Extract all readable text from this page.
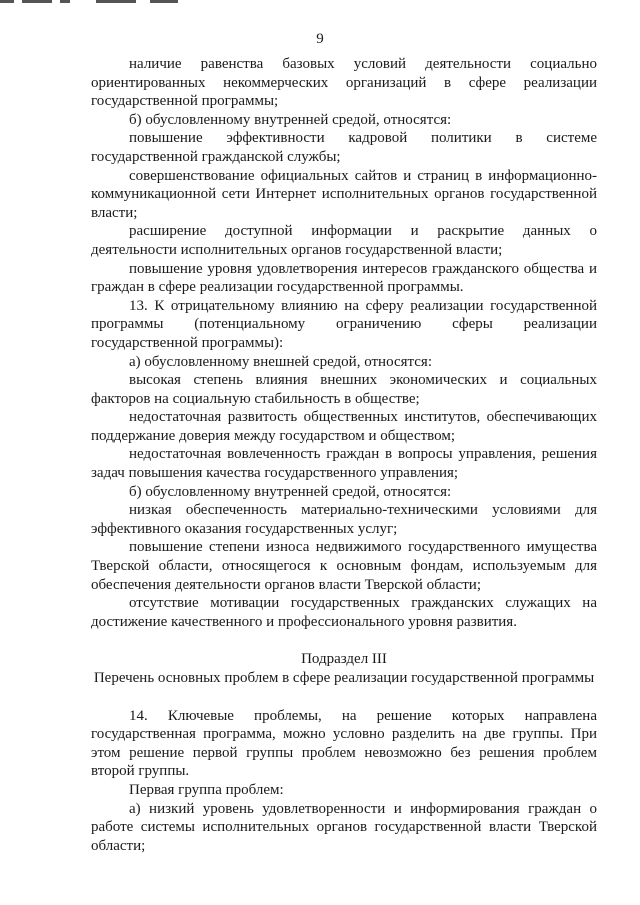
9

наличие равенства базовых условий деятельности социально ориентированных некоммерческих организаций в сфере реализации государственной программы;

б) обусловленному внутренней средой, относятся:

повышение эффективности кадровой политики в системе государственной гражданской службы;

совершенствование официальных сайтов и страниц в информационно-коммуникационной сети Интернет исполнительных органов государственной власти;

расширение доступной информации и раскрытие данных о деятельности исполнительных органов государственной власти;

повышение уровня удовлетворения интересов гражданского общества и граждан в сфере реализации государственной программы.

13. К отрицательному влиянию на сферу реализации государственной программы (потенциальному ограничению сферы реализации государственной программы):

а) обусловленному внешней средой, относятся:

высокая степень влияния внешних экономических и социальных факторов на социальную стабильность в обществе;

недостаточная развитость общественных институтов, обеспечивающих поддержание доверия между государством и обществом;

недостаточная вовлеченность граждан в вопросы управления, решения задач повышения качества государственного управления;

б) обусловленному внутренней средой, относятся:

низкая обеспеченность материально-техническими условиями для эффективного оказания государственных услуг;

повышение степени износа недвижимого государственного имущества Тверской области, относящегося к основным фондам, используемым для обеспечения деятельности органов власти Тверской области;

отсутствие мотивации государственных гражданских служащих на достижение качественного и профессионального уровня развития.

Подраздел III

Перечень основных проблем в сфере реализации государственной программы

14. Ключевые проблемы, на решение которых направлена государственная программа, можно условно разделить на две группы. При этом решение первой группы проблем невозможно без решения проблем второй группы.

Первая группа проблем:

а) низкий уровень удовлетворенности и информирования граждан о работе системы исполнительных органов государственной власти Тверской области;
